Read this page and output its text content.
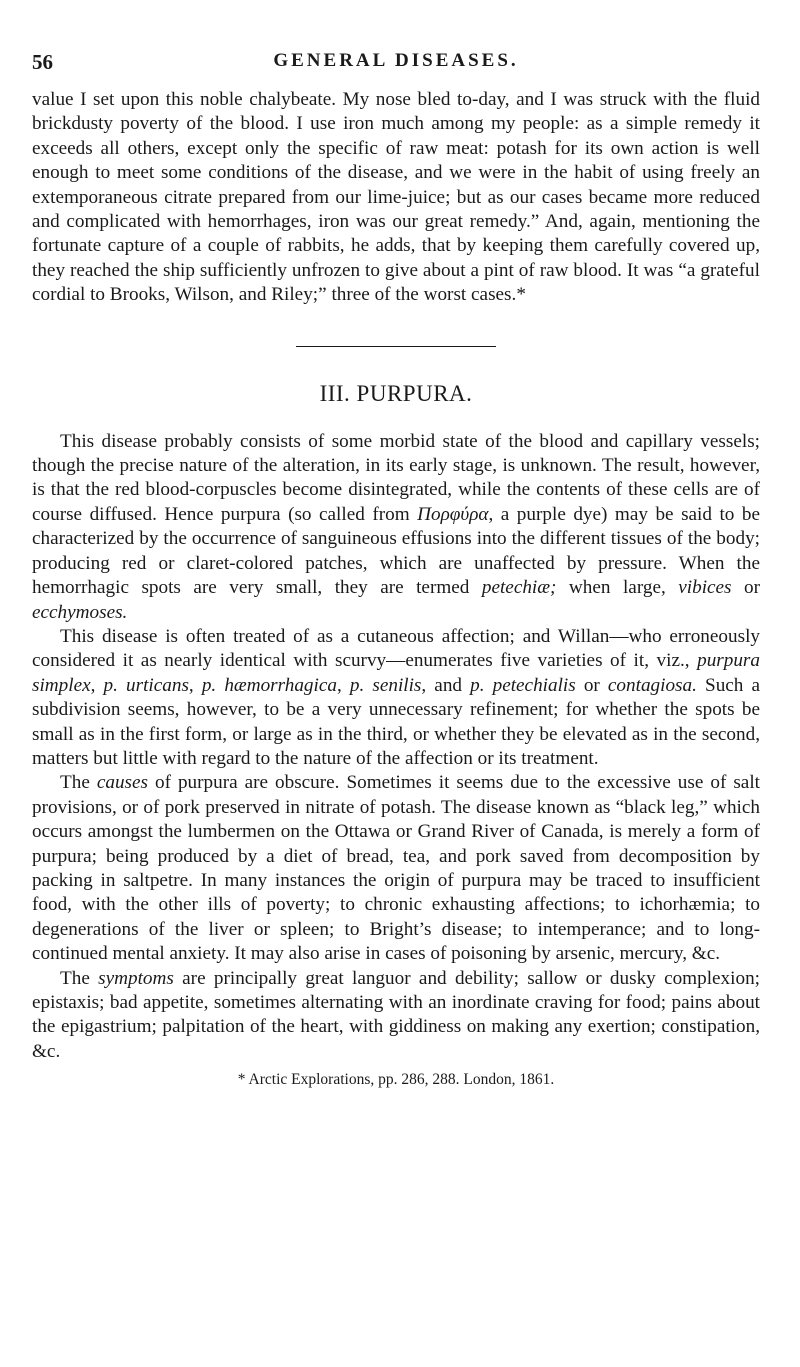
56	GENERAL DISEASES.

value I set upon this noble chalybeate. My nose bled to-day, and I was struck with the fluid brickdusty poverty of the blood. I use iron much among my people: as a simple remedy it exceeds all others, except only the specific of raw meat: potash for its own action is well enough to meet some conditions of the disease, and we were in the habit of using freely an extemporaneous citrate prepared from our lime-juice; but as our cases became more reduced and complicated with hemorrhages, iron was our great remedy.” And, again, mentioning the fortunate capture of a couple of rabbits, he adds, that by keeping them carefully covered up, they reached the ship sufficiently unfrozen to give about a pint of raw blood. It was “a grateful cordial to Brooks, Wilson, and Riley;” three of the worst cases.*

III. PURPURA.

This disease probably consists of some morbid state of the blood and capillary vessels; though the precise nature of the alteration, in its early stage, is unknown. The result, however, is that the red blood-corpuscles become disintegrated, while the contents of these cells are of course diffused. Hence purpura (so called from Πορφύρα, a purple dye) may be said to be characterized by the occurrence of sanguineous effusions into the different tissues of the body; producing red or claret-colored patches, which are unaffected by pressure. When the hemorrhagic spots are very small, they are termed petechiæ; when large, vibices or ecchymoses.

This disease is often treated of as a cutaneous affection; and Willan—who erroneously considered it as nearly identical with scurvy—enumerates five varieties of it, viz., purpura simplex, p. urticans, p. hæmorrhagica, p. senilis, and p. petechialis or contagiosa. Such a subdivision seems, however, to be a very unnecessary refinement; for whether the spots be small as in the first form, or large as in the third, or whether they be elevated as in the second, matters but little with regard to the nature of the affection or its treatment.

The causes of purpura are obscure. Sometimes it seems due to the excessive use of salt provisions, or of pork preserved in nitrate of potash. The disease known as “black leg,” which occurs amongst the lumbermen on the Ottawa or Grand River of Canada, is merely a form of purpura; being produced by a diet of bread, tea, and pork saved from decomposition by packing in saltpetre. In many instances the origin of purpura may be traced to insufficient food, with the other ills of poverty; to chronic exhausting affections; to ichorhæmia; to degenerations of the liver or spleen; to Bright’s disease; to intemperance; and to long-continued mental anxiety. It may also arise in cases of poisoning by arsenic, mercury, &c.

The symptoms are principally great languor and debility; sallow or dusky complexion; epistaxis; bad appetite, sometimes alternating with an inordinate craving for food; pains about the epigastrium; palpitation of the heart, with giddiness on making any exertion; constipation, &c.

* Arctic Explorations, pp. 286, 288. London, 1861.
